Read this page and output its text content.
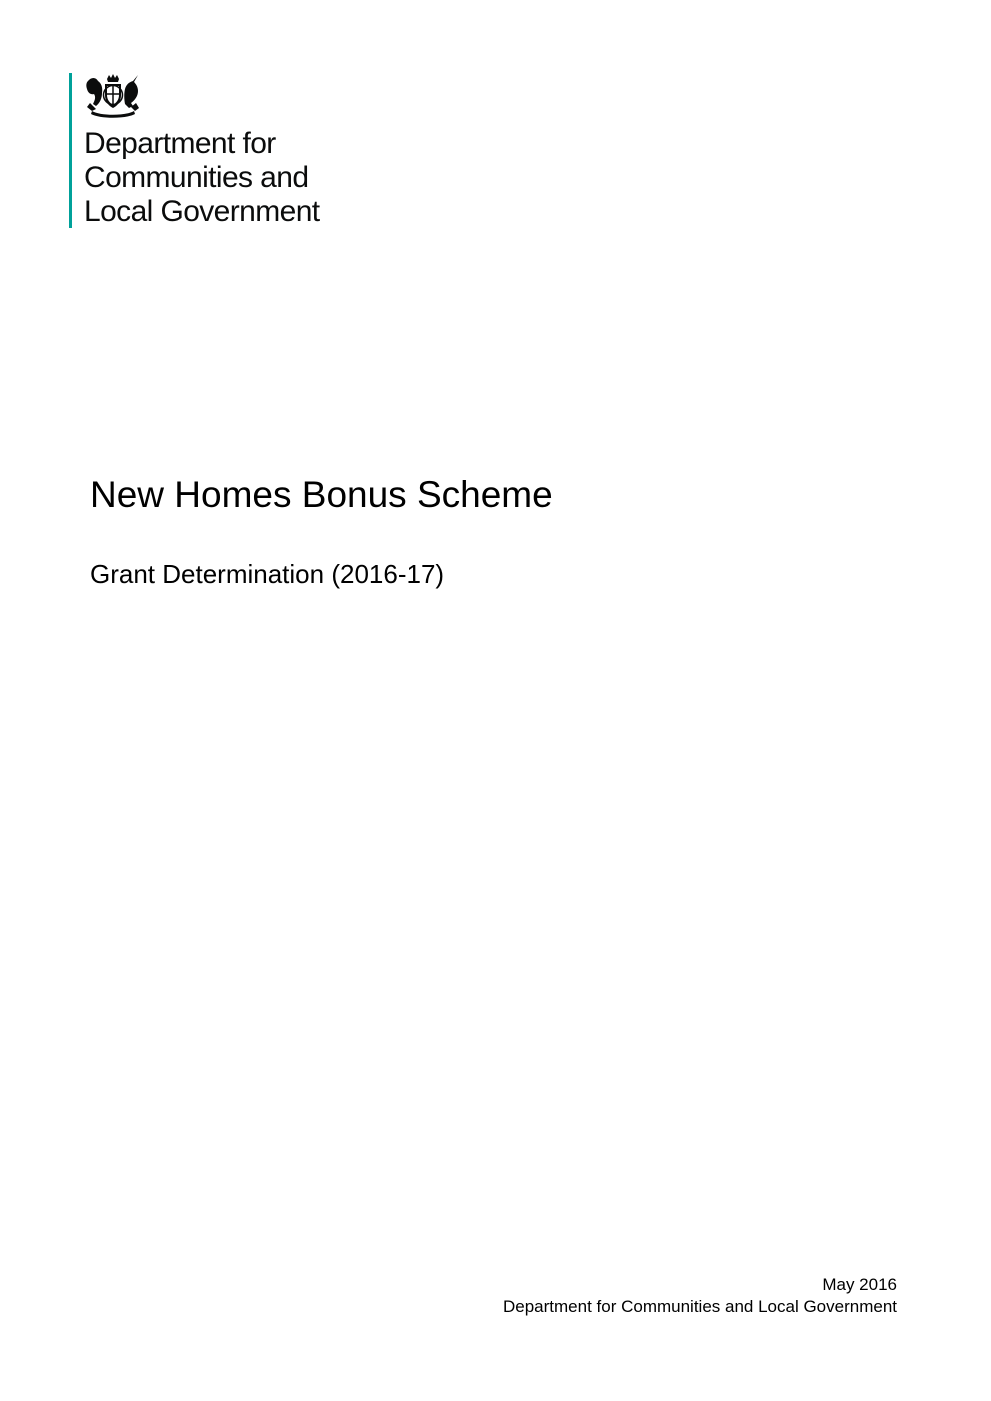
Department for
Communities and
Local Government
New Homes Bonus Scheme
Grant Determination (2016-17)
May 2016
Department for Communities and Local Government
